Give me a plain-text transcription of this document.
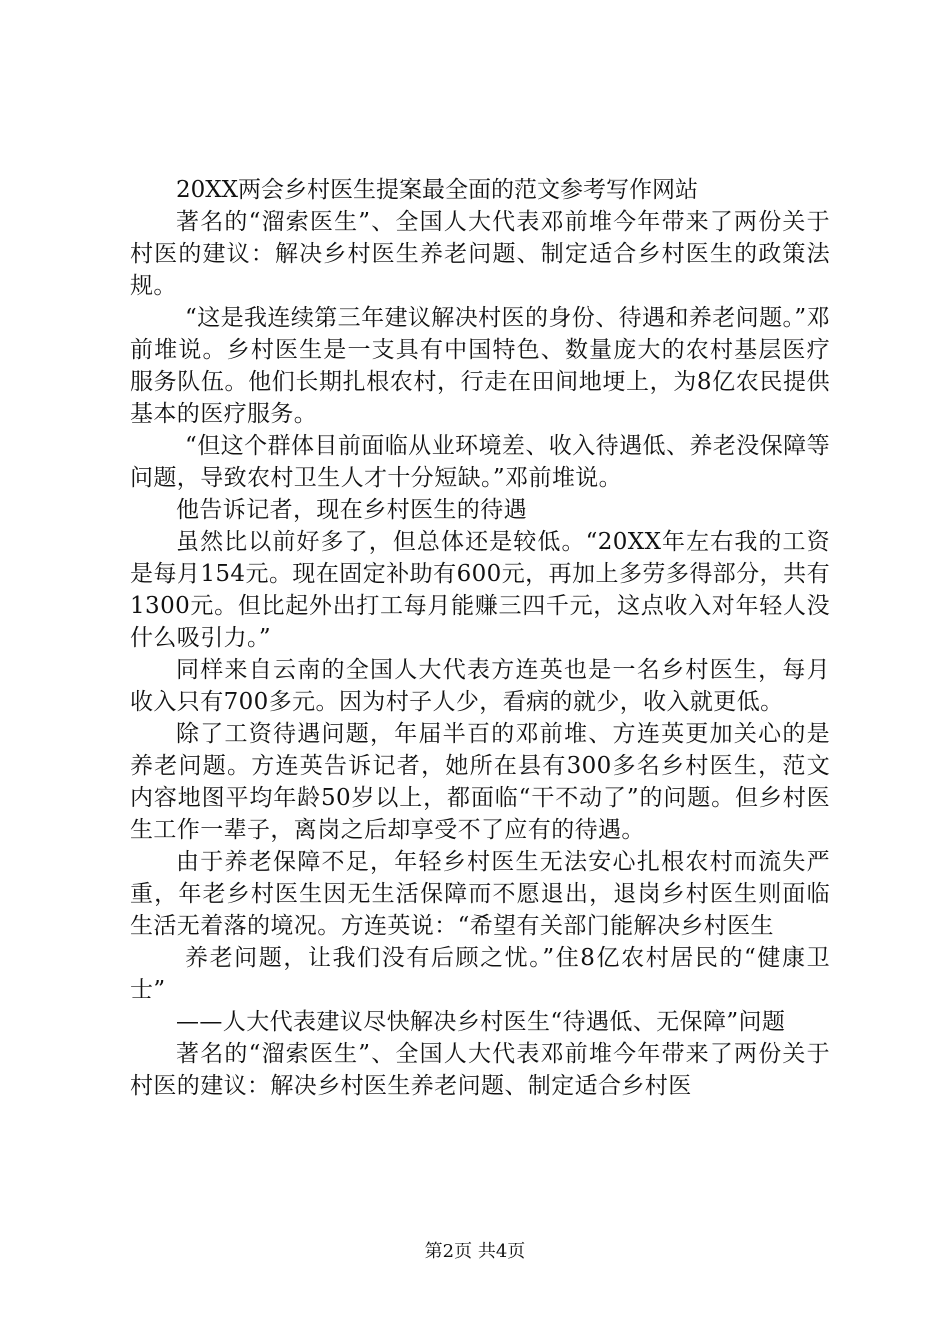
20XX两会乡村医生提案最全面的范文参考写作网站

著名的“溜索医生”、全国人大代表邓前堆今年带来了两份关于村医的建议：解决乡村医生养老问题、制定适合乡村医生的政策法规。

“这是我连续第三年建议解决村医的身份、待遇和养老问题。”邓前堆说。乡村医生是一支具有中国特色、数量庞大的农村基层医疗服务队伍。他们长期扎根农村，行走在田间地埂上，为8亿农民提供基本的医疗服务。

“但这个群体目前面临从业环境差、收入待遇低、养老没保障等问题，导致农村卫生人才十分短缺。”邓前堆说。

他告诉记者，现在乡村医生的待遇

虽然比以前好多了，但总体还是较低。“20XX年左右我的工资是每月154元。现在固定补助有600元，再加上多劳多得部分，共有1300元。但比起外出打工每月能赚三四千元，这点收入对年轻人没什么吸引力。”

同样来自云南的全国人大代表方连英也是一名乡村医生，每月收入只有700多元。因为村子人少，看病的就少，收入就更低。

除了工资待遇问题，年届半百的邓前堆、方连英更加关心的是养老问题。方连英告诉记者，她所在县有300多名乡村医生，范文内容地图平均年龄50岁以上，都面临“干不动了”的问题。但乡村医生工作一辈子，离岗之后却享受不了应有的待遇。

由于养老保障不足，年轻乡村医生无法安心扎根农村而流失严重，年老乡村医生因无生活保障而不愿退出，退岗乡村医生则面临生活无着落的境况。方连英说：“希望有关部门能解决乡村医生

养老问题，让我们没有后顾之忧。”住8亿农村居民的“健康卫士”

——人大代表建议尽快解决乡村医生“待遇低、无保障”问题

著名的“溜索医生”、全国人大代表邓前堆今年带来了两份关于村医的建议：解决乡村医生养老问题、制定适合乡村医

第2页 共4页
